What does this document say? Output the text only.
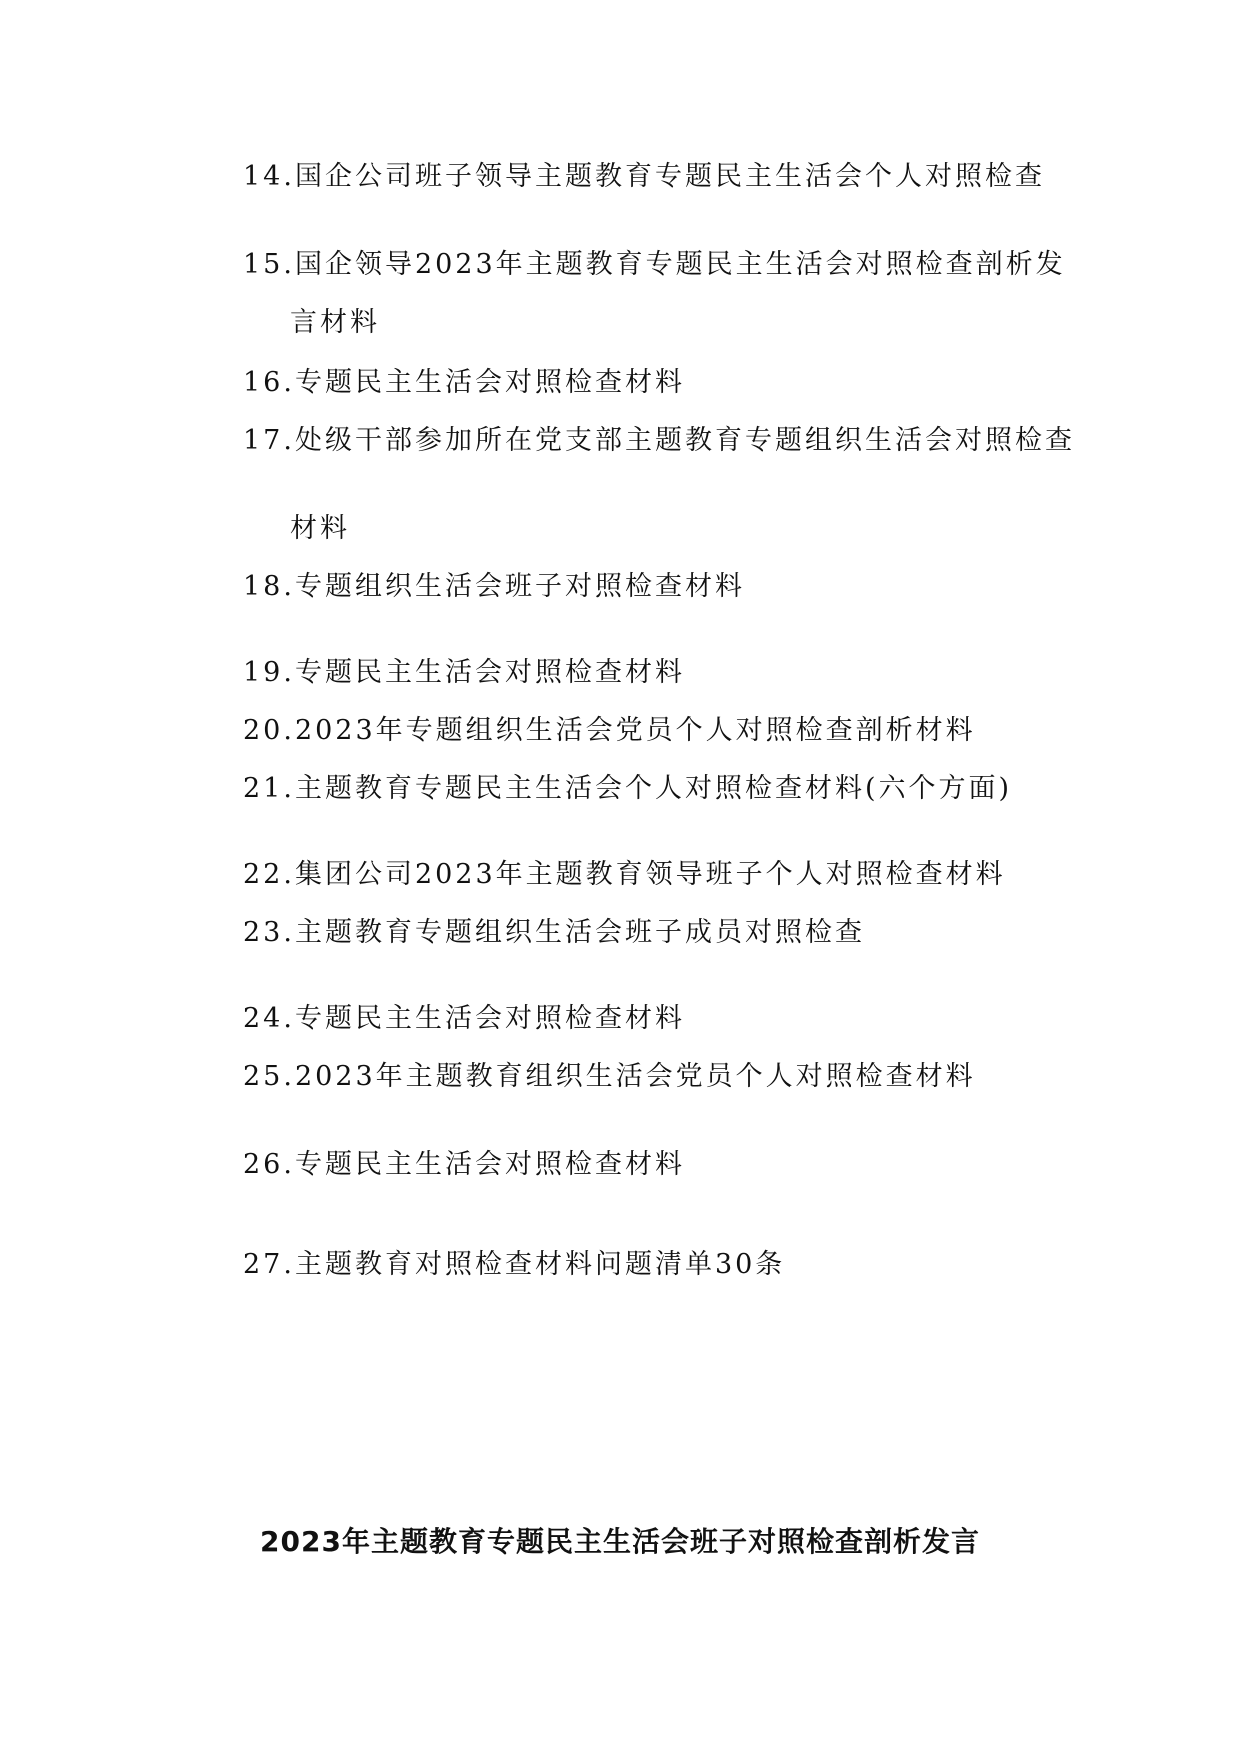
14.国企公司班子领导主题教育专题民主生活会个人对照检查
15.国企领导2023年主题教育专题民主生活会对照检查剖析发
言材料
16.专题民主生活会对照检查材料
17.处级干部参加所在党支部主题教育专题组织生活会对照检查
材料
18.专题组织生活会班子对照检查材料
19.专题民主生活会对照检查材料
20.2023年专题组织生活会党员个人对照检查剖析材料
21.主题教育专题民主生活会个人对照检查材料(六个方面)
22.集团公司2023年主题教育领导班子个人对照检查材料
23.主题教育专题组织生活会班子成员对照检查
24.专题民主生活会对照检查材料
25.2023年主题教育组织生活会党员个人对照检查材料
26.专题民主生活会对照检查材料
27.主题教育对照检查材料问题清单30条
2023年主题教育专题民主生活会班子对照检查剖析发言
